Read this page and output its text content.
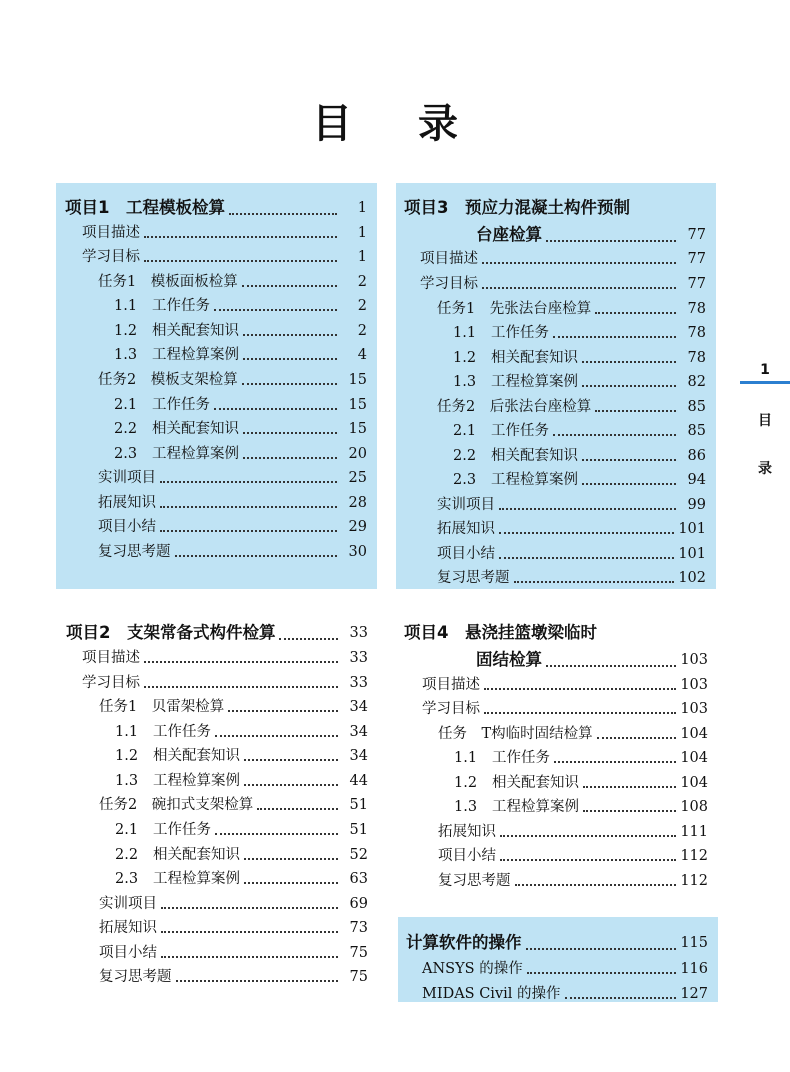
目 录
1
目
录
项目1　工程模板检算	1
项目描述	1
学习目标	1
任务1　模板面板检算	2
1.1 工作任务	2
1.2 相关配套知识	2
1.3 工程检算案例	4
任务2　模板支架检算	15
2.1 工作任务	15
2.2 相关配套知识	15
2.3 工程检算案例	20
实训项目	25
拓展知识	28
项目小结	29
复习思考题	30
项目2　支架常备式构件检算	33
项目描述	33
学习目标	33
任务1　贝雷架检算	34
1.1 工作任务	34
1.2 相关配套知识	34
1.3 工程检算案例	44
任务2　碗扣式支架检算	51
2.1 工作任务	51
2.2 相关配套知识	52
2.3 工程检算案例	63
实训项目	69
拓展知识	73
项目小结	75
复习思考题	75
项目3　预应力混凝土构件预制
台座检算	77
项目描述	77
学习目标	77
任务1　先张法台座检算	78
1.1 工作任务	78
1.2 相关配套知识	78
1.3 工程检算案例	82
任务2　后张法台座检算	85
2.1 工作任务	85
2.2 相关配套知识	86
2.3 工程检算案例	94
实训项目	99
拓展知识	101
项目小结	101
复习思考题	102
项目4　悬浇挂篮墩梁临时
固结检算	103
项目描述	103
学习目标	103
任务　T构临时固结检算	104
1.1 工作任务	104
1.2 相关配套知识	104
1.3 工程检算案例	108
拓展知识	111
项目小结	112
复习思考题	112
计算软件的操作	115
ANSYS 的操作	116
MIDAS Civil 的操作	127
